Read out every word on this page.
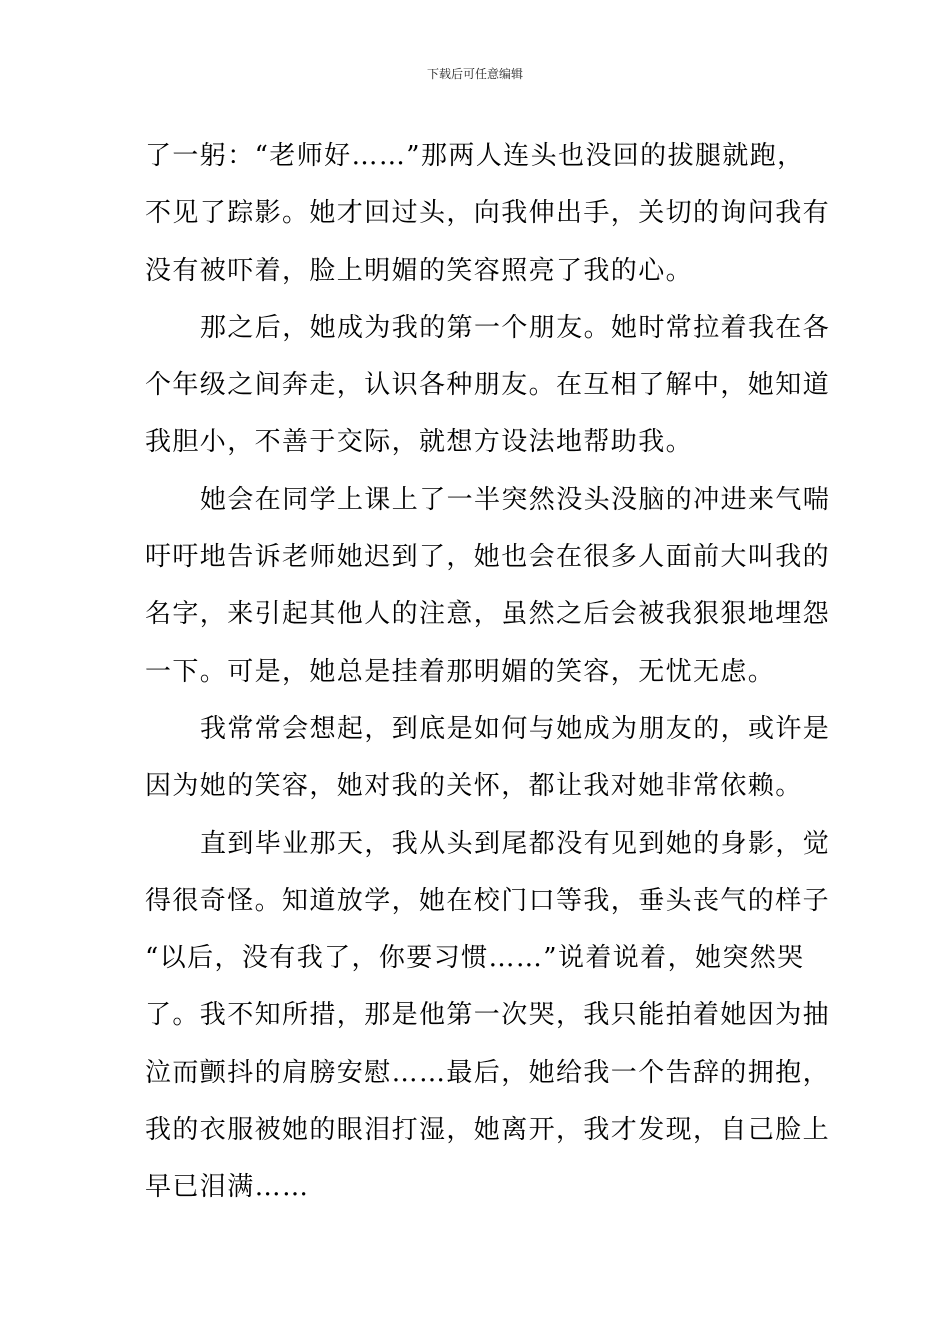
下载后可任意编辑

了一躬：“老师好……”那两人连头也没回的拔腿就跑，
不见了踪影。她才回过头，向我伸出手，关切的询问我有
没有被吓着，脸上明媚的笑容照亮了我的心。

那之后，她成为我的第一个朋友。她时常拉着我在各
个年级之间奔走，认识各种朋友。在互相了解中，她知道
我胆小，不善于交际，就想方设法地帮助我。

她会在同学上课上了一半突然没头没脑的冲进来气喘
吁吁地告诉老师她迟到了，她也会在很多人面前大叫我的
名字，来引起其他人的注意，虽然之后会被我狠狠地埋怨
一下。可是，她总是挂着那明媚的笑容，无忧无虑。

我常常会想起，到底是如何与她成为朋友的，或许是
因为她的笑容，她对我的关怀，都让我对她非常依赖。

直到毕业那天，我从头到尾都没有见到她的身影，觉
得很奇怪。知道放学，她在校门口等我，垂头丧气的样子
“以后，没有我了，你要习惯……”说着说着，她突然哭
了。我不知所措，那是他第一次哭，我只能拍着她因为抽
泣而颤抖的肩膀安慰……最后，她给我一个告辞的拥抱，
我的衣服被她的眼泪打湿，她离开，我才发现，自己脸上
早已泪满……
